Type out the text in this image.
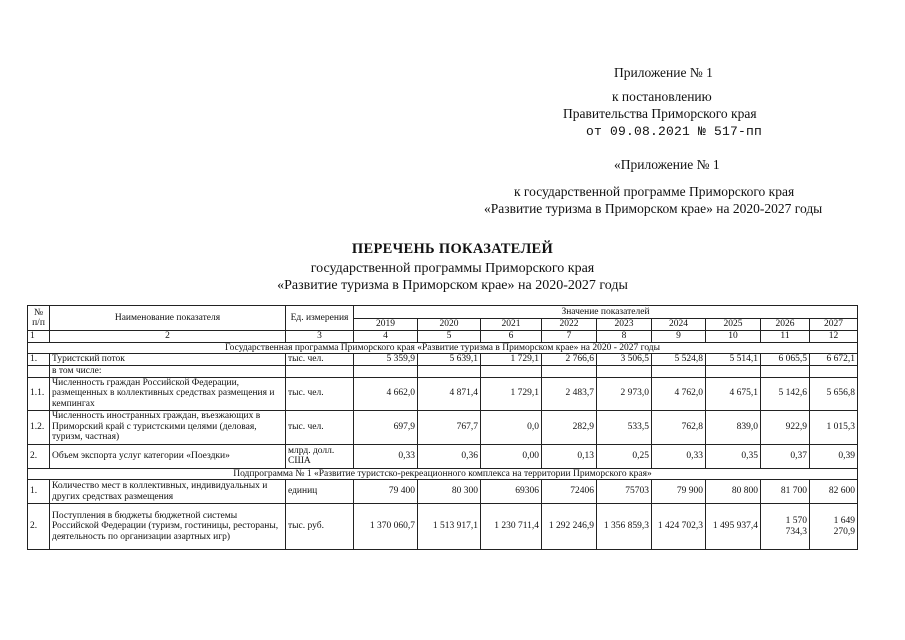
Приложение № 1
к постановлению
Правительства Приморского края
от 09.08.2021 № 517-пп
«Приложение № 1
к государственной программе Приморского края
«Развитие туризма в Приморском крае» на 2020-2027 годы
ПЕРЕЧЕНЬ ПОКАЗАТЕЛЕЙ
государственной программы Приморского края
«Развитие туризма в Приморском крае» на 2020-2027 годы
№ п/п	Наименование показателя	Ед. измерения	Значение показателей								
			2019	2020	2021	2022	2023	2024	2025	2026	2027
1	2	3	4	5	6	7	8	9	10	11	12
Государственная программа Приморского края «Развитие туризма в Приморском крае» на 2020 - 2027 годы											
1.	Туристский поток	тыс. чел.	5 359,9	5 639,1	1 729,1	2 766,6	3 506,5	5 524,8	5 514,1	6 065,5	6 672,1
	в том числе:										
1.1.	Численность граждан Российской Федерации, размещенных в коллективных средствах размещения и кемпингах	тыс. чел.	4 662,0	4 871,4	1 729,1	2 483,7	2 973,0	4 762,0	4 675,1	5 142,6	5 656,8
1.2.	Численность иностранных граждан, въезжающих в Приморский край с туристскими целями (деловая, туризм, частная)	тыс. чел.	697,9	767,7	0,0	282,9	533,5	762,8	839,0	922,9	1 015,3
2.	Объем экспорта услуг категории «Поездки»	млрд. долл. США	0,33	0,36	0,00	0,13	0,25	0,33	0,35	0,37	0,39
Подпрограмма № 1 «Развитие туристско-рекреационного комплекса на территории Приморского края»											
1.	Количество мест в коллективных, индивидуальных и других средствах размещения	единиц	79 400	80 300	69306	72406	75703	79 900	80 800	81 700	82 600
2.	Поступления в бюджеты бюджетной системы Российской Федерации (туризм, гостиницы, рестораны, деятельность по организации азартных игр)	тыс. руб.	1 370 060,7	1 513 917,1	1 230 711,4	1 292 246,9	1 356 859,3	1 424 702,3	1 495 937,4	1 570 734,3	1 649 270,9
